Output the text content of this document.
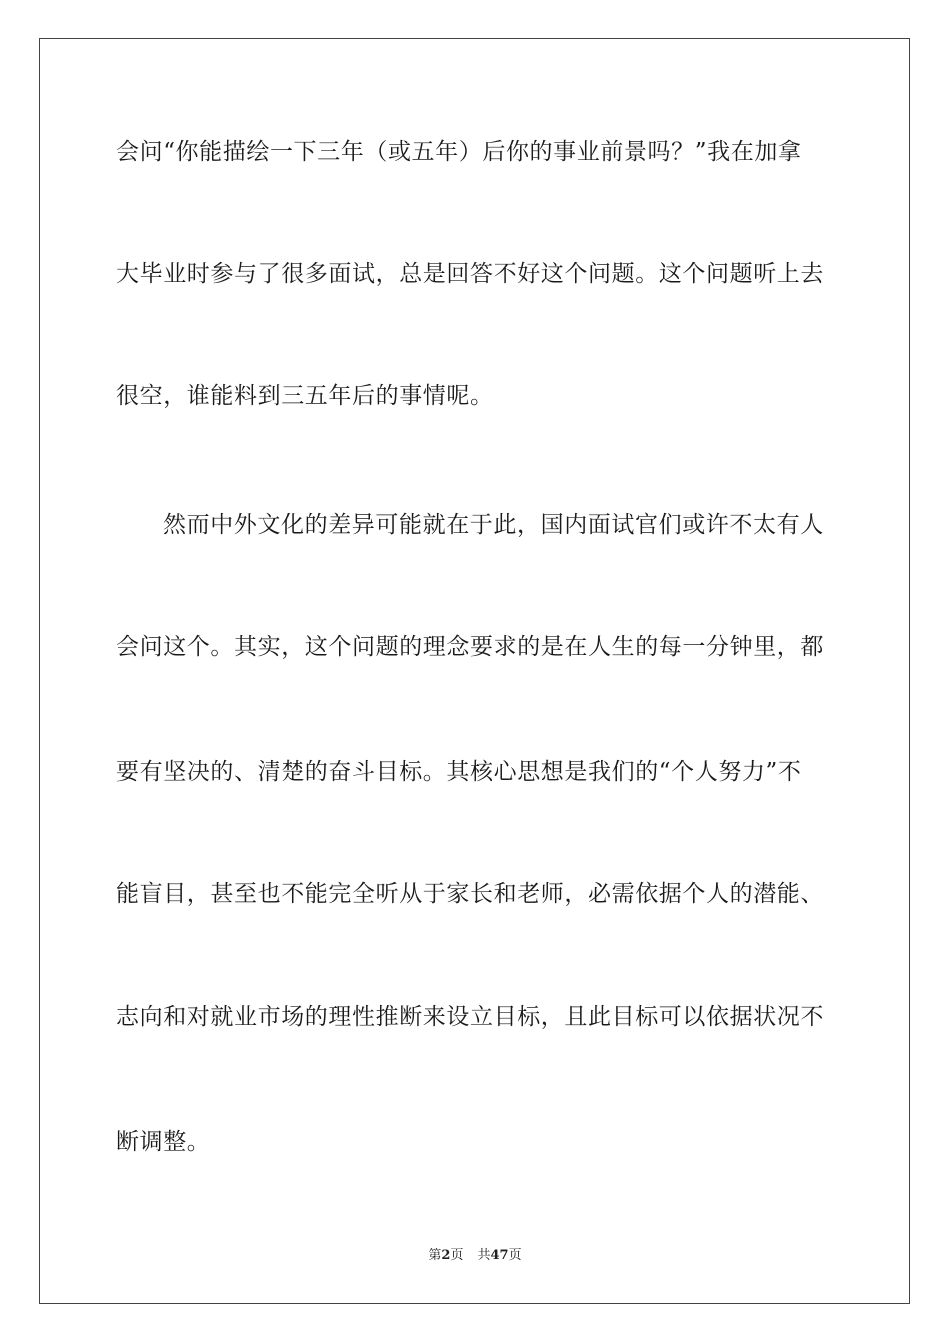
会问“你能描绘一下三年（或五年）后你的事业前景吗？”我在加拿
大毕业时参与了很多面试，总是回答不好这个问题。这个问题听上去
很空，谁能料到三五年后的事情呢。
然而中外文化的差异可能就在于此，国内面试官们或许不太有人
会问这个。其实，这个问题的理念要求的是在人生的每一分钟里，都
要有坚决的、清楚的奋斗目标。其核心思想是我们的“个人努力”不
能盲目，甚至也不能完全听从于家长和老师，必需依据个人的潜能、
志向和对就业市场的理性推断来设立目标，且此目标可以依据状况不
断调整。
第2页 共47页
